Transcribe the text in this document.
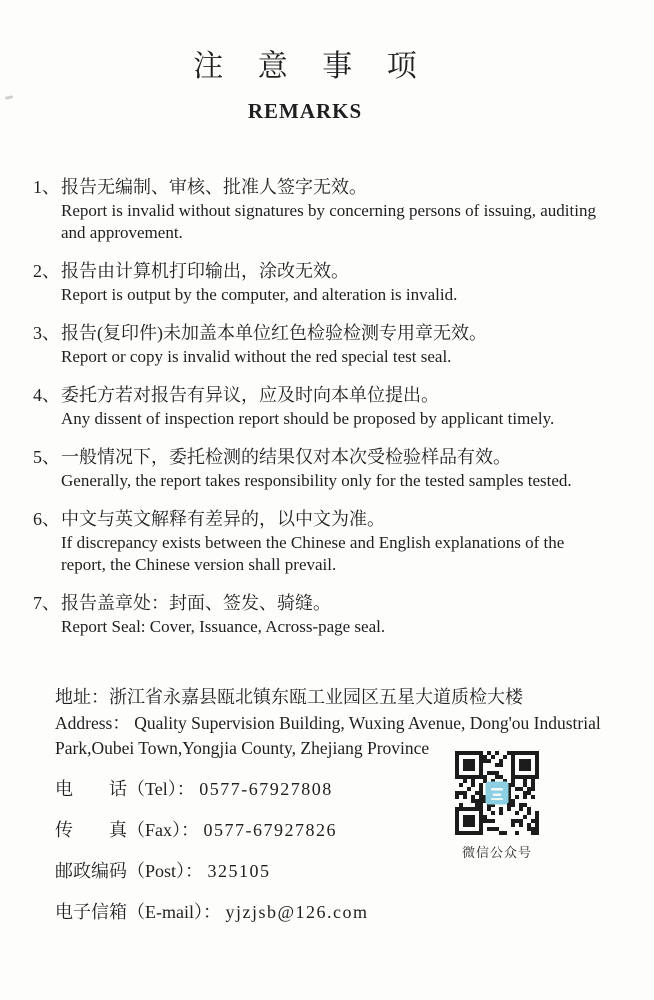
注意事项
REMARKS
1、 报告无编制、审核、批准人签字无效。
Report is invalid without signatures by concerning persons of issuing, auditing and approvement.
2、 报告由计算机打印输出，涂改无效。
Report is output by the computer, and alteration is invalid.
3、 报告(复印件)未加盖本单位红色检验检测专用章无效。
Report or copy is invalid without the red special test seal.
4、 委托方若对报告有异议，应及时向本单位提出。
Any dissent of inspection report should be proposed by applicant timely.
5、 一般情况下，委托检测的结果仅对本次受检验样品有效。
Generally, the report takes responsibility only for the tested samples tested.
6、 中文与英文解释有差异的，以中文为准。
If discrepancy exists between the Chinese and English explanations of the report, the Chinese version shall prevail.
7、 报告盖章处：封面、签发、骑缝。
Report Seal: Cover, Issuance, Across-page seal.
地址：浙江省永嘉县瓯北镇东瓯工业园区五星大道质检大楼
Address： Quality Supervision Building, Wuxing Avenue, Dong'ou Industrial Park,Oubei Town,Yongjia County, Zhejiang Province
电　　话（Tel）： 0577-67927808
传　　真（Fax）： 0577-67927826
邮政编码（Post）： 325105
电子信箱（E-mail）： yjzjsb@126.com
微信公众号
